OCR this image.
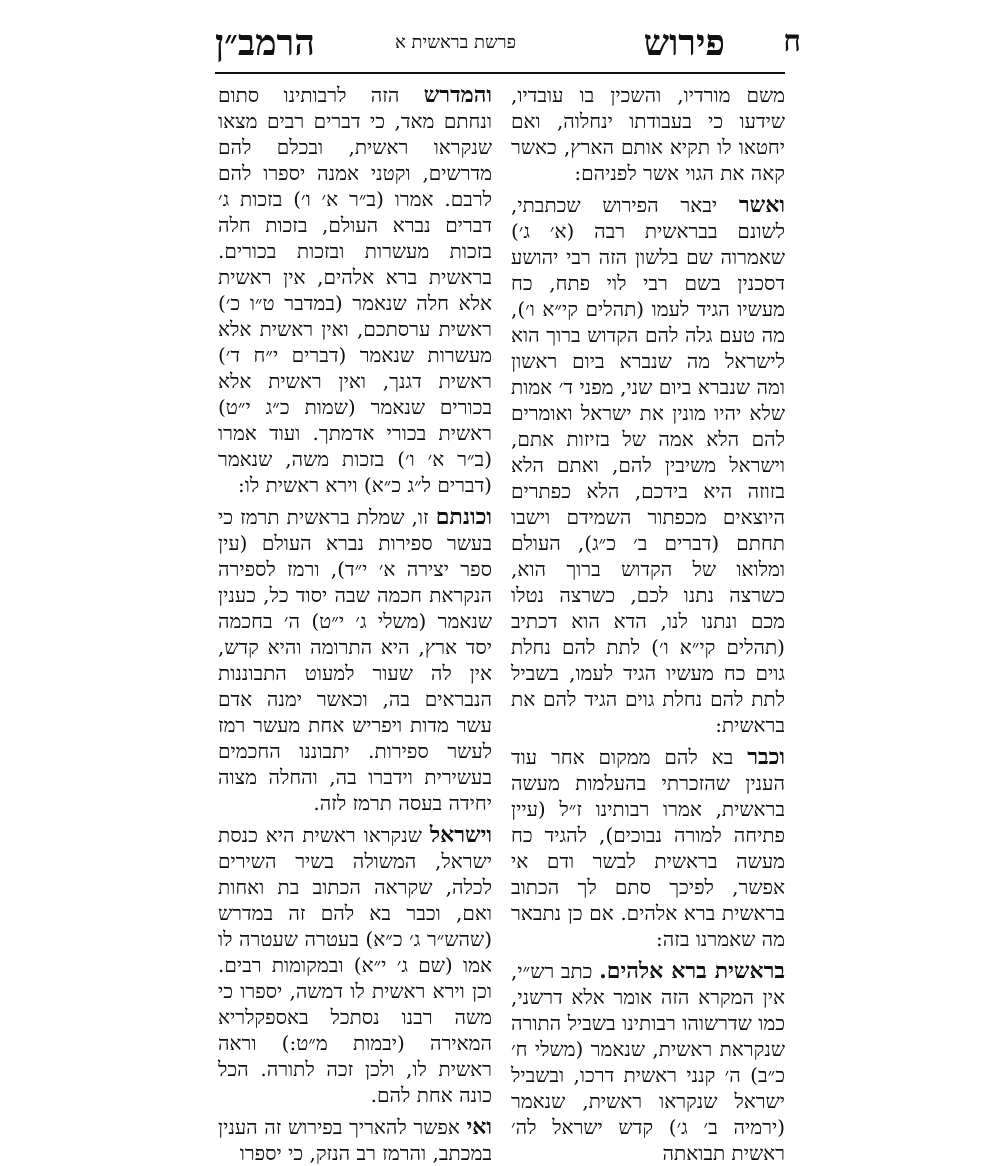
ח
פירוש
פרשת בראשית א
הרמב״ן

משם מורדיו, והשכין בו עובדיו, שידעו כי בעבודתו ינחלוה, ואם יחטאו לו תקיא אותם הארץ, כאשר קאה את הגוי אשר לפניהם:

ואשר יבאר הפירוש שכתבתי, לשונם בבראשית רבה (א׳ ג׳) שאמרוה שם בלשון הזה רבי יהושע דסכנין בשם רבי לוי פתח, כח מעשיו הגיד לעמו (תהלים קי״א ו׳), מה טעם גלה להם הקדוש ברוך הוא לישראל מה שנברא ביום ראשון ומה שנברא ביום שני, מפני ד׳ אמות שלא יהיו מונין את ישראל ואומרים להם הלא אמה של בזיזות אתם, וישראל משיבין להם, ואתם הלא בזוזה היא בידכם, הלא כפתרים היוצאים מכפתור השמידם וישבו תחתם (דברים ב׳ כ״ג), העולם ומלואו של הקדוש ברוך הוא, כשרצה נתנו לכם, כשרצה נטלו מכם ונתנו לנו, הדא הוא דכתיב (תהלים קי״א ו׳) לתת להם נחלת גוים כח מעשיו הגיד לעמו, בשביל לתת להם נחלת גוים הגיד להם את בראשית:

וכבר בא להם ממקום אחר עוד הענין שהזכרתי בהעלמות מעשה בראשית, אמרו רבותינו ז״ל (עיין פתיחה למורה נבוכים), להגיד כח מעשה בראשית לבשר ודם אי אפשר, לפיכך סתם לך הכתוב בראשית ברא אלהים. אם כן נתבאר מה שאמרנו בזה:

בראשית ברא אלהים. כתב רש״י, אין המקרא הזה אומר אלא דרשני, כמו שדרשוהו רבותינו בשביל התורה שנקראת ראשית, שנאמר (משלי ח׳ כ״ב) ה׳ קנני ראשית דרכו, ובשביל ישראל שנקראו ראשית, שנאמר (ירמיה ב׳ ג׳) קדש ישראל לה׳ ראשית תבואתה

והמדרש הזה לרבותינו סתום ונחתם מאד, כי דברים רבים מצאו שנקראו ראשית, ובכלם להם מדרשים, וקטני אמנה יספרו להם לרבם. אמרו (ב״ר א׳ ו׳) בזכות ג׳ דברים נברא העולם, בזכות חלה בזכות מעשרות ובזכות בכורים. בראשית ברא אלהים, אין ראשית אלא חלה שנאמר (במדבר ט״ו כ׳) ראשית ערסתכם, ואין ראשית אלא מעשרות שנאמר (דברים י״ח ד׳) ראשית דגנך, ואין ראשית אלא בכורים שנאמר (שמות כ״ג י״ט) ראשית בכורי אדמתך. ועוד אמרו (ב״ר א׳ ו׳) בזכות משה, שנאמר (דברים ל״ג כ״א) וירא ראשית לו:

וכונתם זו, שמלת בראשית תרמז כי בעשר ספירות נברא העולם (עין ספר יצירה א׳ י״ד), ורמז לספירה הנקראת חכמה שבה יסוד כל, כענין שנאמר (משלי ג׳ י״ט) ה׳ בחכמה יסד ארץ, היא התרומה והיא קדש, אין לה שעור למעוט התבוננות הנבראים בה, וכאשר ימנה אדם עשר מדות ויפריש אחת מעשר רמז לעשר ספירות. יתבוננו החכמים בעשירית וידברו בה, והחלה מצוה יחידה בעסה תרמז לזה.

וישראל שנקראו ראשית היא כנסת ישראל, המשולה בשיר השירים לכלה, שקראה הכתוב בת ואחות ואם, וכבר בא להם זה במדרש (שהש״ר ג׳ כ״א) בעטרה שעטרה לו אמו (שם ג׳ י״א) ובמקומות רבים. וכן וירא ראשית לו דמשה, יספרו כי משה רבנו נסתכל באספקלריא המאירה (יבמות מ״ט:) וראה ראשית לו, ולכן זכה לתורה. הכל כונה אחת להם.

ואי אפשר להאריך בפירוש זה הענין במכתב, והרמז רב הנזק, כי יספרו
